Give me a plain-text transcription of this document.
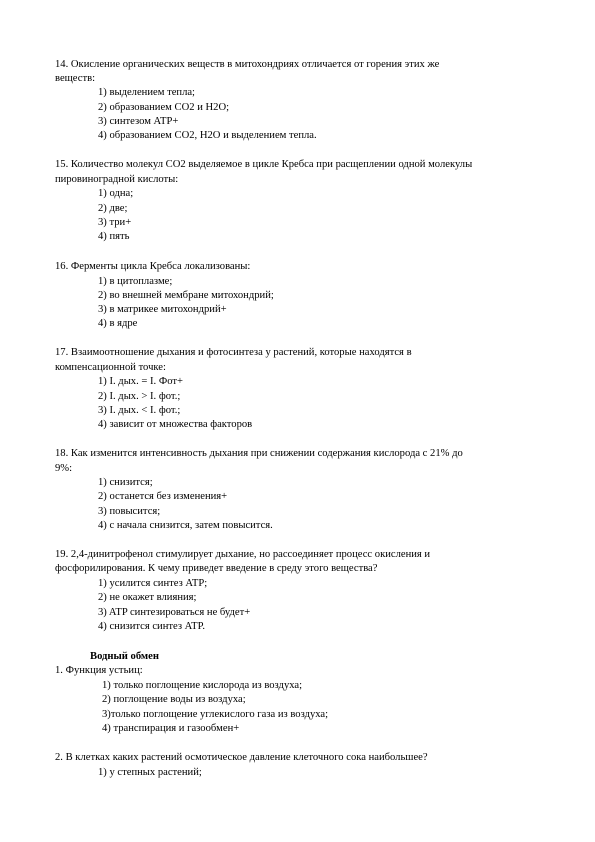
14. Окисление органических веществ в митохондриях отличается от горения этих же
веществ:
1) выделением тепла;
2) образованием CO2 и H2O;
3) синтезом ATP+
4) образованием CO2, H2O и выделением тепла.
15. Количество молекул CO2 выделяемое в цикле Кребса при расщеплении одной молекулы
пировиноградной кислоты:
1) одна;
2) две;
3) три+
4) пять
16. Ферменты цикла Кребса локализованы:
1) в цитоплазме;
2) во внешней мембране митохондрий;
3) в матрикее митохондрий+
4) в ядре
17. Взаимоотношение дыхания и фотосинтеза у растений, которые находятся в
компенсационной точке:
1) I. дых. = I. Фот+
2) I. дых. > I. фот.;
3) I. дых. < I. фот.;
4) зависит от множества факторов
18. Как изменится интенсивность дыхания при снижении содержания кислорода с 21% до
9%:
1) снизится;
2) останется без изменения+
3) повысится;
4) с начала снизится, затем повысится.
19. 2,4-динитрофенол стимулирует дыхание, но рассоединяет процесс окисления и
фосфорилирования. К чему приведет введение в среду этого вещества?
1) усилится синтез ATP;
2) не окажет влияния;
3) ATP синтезироваться не будет+
4) снизится синтез ATP.
Водный обмен
1. Функция устьиц:
1) только поглощение кислорода из воздуха;
2) поглощение воды из воздуха;
3)только поглощение углекислого газа из воздуха;
4) транспирация и газообмен+
2. В клетках каких растений осмотическое давление клеточного сока наибольшее?
1) у степных растений;
